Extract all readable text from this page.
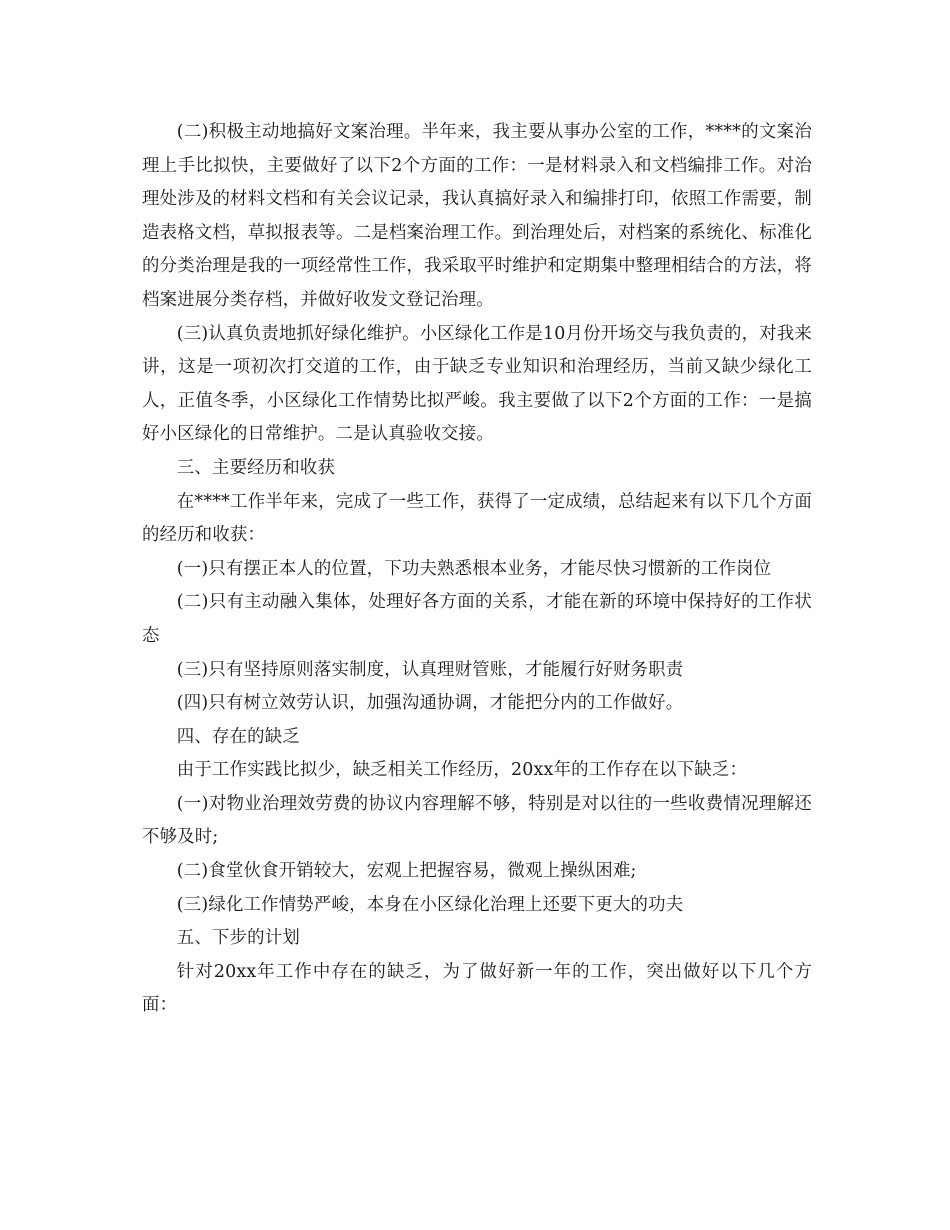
(二)积极主动地搞好文案治理。半年来，我主要从事办公室的工作，****的文案治理上手比拟快，主要做好了以下2个方面的工作：一是材料录入和文档编排工作。对治理处涉及的材料文档和有关会议记录，我认真搞好录入和编排打印，依照工作需要，制造表格文档，草拟报表等。二是档案治理工作。到治理处后，对档案的系统化、标准化的分类治理是我的一项经常性工作，我采取平时维护和定期集中整理相结合的方法，将档案进展分类存档，并做好收发文登记治理。

(三)认真负责地抓好绿化维护。小区绿化工作是10月份开场交与我负责的，对我来讲，这是一项初次打交道的工作，由于缺乏专业知识和治理经历，当前又缺少绿化工人，正值冬季，小区绿化工作情势比拟严峻。我主要做了以下2个方面的工作：一是搞好小区绿化的日常维护。二是认真验收交接。

三、主要经历和收获

在****工作半年来，完成了一些工作，获得了一定成绩，总结起来有以下几个方面的经历和收获：

(一)只有摆正本人的位置，下功夫熟悉根本业务，才能尽快习惯新的工作岗位

(二)只有主动融入集体，处理好各方面的关系，才能在新的环境中保持好的工作状态

(三)只有坚持原则落实制度，认真理财管账，才能履行好财务职责

(四)只有树立效劳认识，加强沟通协调，才能把分内的工作做好。

四、存在的缺乏

由于工作实践比拟少，缺乏相关工作经历，20xx年的工作存在以下缺乏：

(一)对物业治理效劳费的协议内容理解不够，特别是对以往的一些收费情况理解还不够及时;

(二)食堂伙食开销较大，宏观上把握容易，微观上操纵困难;

(三)绿化工作情势严峻，本身在小区绿化治理上还要下更大的功夫

五、下步的计划

针对20xx年工作中存在的缺乏，为了做好新一年的工作，突出做好以下几个方面：
